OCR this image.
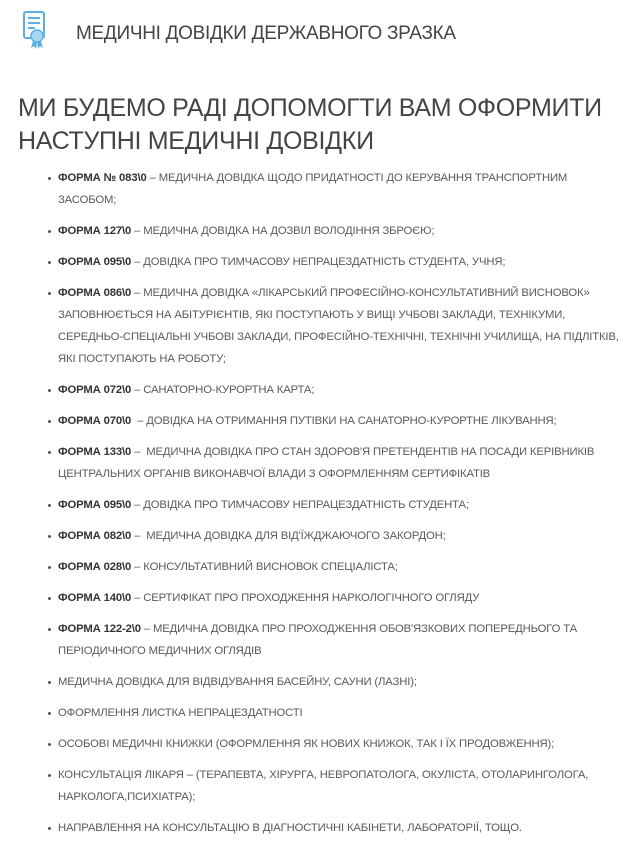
МЕДИЧНІ ДОВІДКИ ДЕРЖАВНОГО ЗРАЗКА
МИ БУДЕМО РАДІ ДОПОМОГТИ ВАМ ОФОРМИТИ НАСТУПНІ МЕДИЧНІ ДОВІДКИ
ФОРМА № 083\0 – МЕДИЧНА ДОВІДКА ЩОДО ПРИДАТНОСТІ ДО КЕРУВАННЯ ТРАНСПОРТНИМ ЗАСОБОМ;
ФОРМА 127\0 – МЕДИЧНА ДОВІДКА НА ДОЗВІЛ ВОЛОДІННЯ ЗБРОЄЮ;
ФОРМА 095\0 – ДОВІДКА ПРО ТИМЧАСОВУ НЕПРАЦЕЗДАТНІСТЬ СТУДЕНТА, УЧНЯ;
ФОРМА 086\0 – МЕДИЧНА ДОВІДКА «ЛІКАРСЬКИЙ ПРОФЕСІЙНО-КОНСУЛЬТАТИВНИЙ ВИСНОВОК» ЗАПОВНЮЄТЬСЯ НА АБІТУРІЄНТІВ, ЯКІ ПОСТУПАЮТЬ У ВИЩІ УЧБОВІ ЗАКЛАДИ, ТЕХНІКУМИ, СЕРЕДНЬО-СПЕЦІАЛЬНІ УЧБОВІ ЗАКЛАДИ, ПРОФЕСІЙНО-ТЕХНІЧНІ, ТЕХНІЧНІ УЧИЛИЩА, НА ПІДЛІТКІВ, ЯКІ ПОСТУПАЮТЬ НА РОБОТУ;
ФОРМА 072\0 – САНАТОРНО-КУРОРТНА КАРТА;
ФОРМА 070\0  – ДОВІДКА НА ОТРИМАННЯ ПУТІВКИ НА САНАТОРНО-КУРОРТНЕ ЛІКУВАННЯ;
ФОРМА 133\0 –  МЕДИЧНА ДОВІДКА ПРО СТАН ЗДОРОВ'Я ПРЕТЕНДЕНТІВ НА ПОСАДИ КЕРІВНИКІВ ЦЕНТРАЛЬНИХ ОРГАНІВ ВИКОНАВЧОЇ ВЛАДИ З ОФОРМЛЕННЯМ СЕРТИФІКАТІВ
ФОРМА 095\0 – ДОВІДКА ПРО ТИМЧАСОВУ НЕПРАЦЕЗДАТНІСТЬ СТУДЕНТА;
ФОРМА 082\0 –  МЕДИЧНА ДОВІДКА ДЛЯ ВІД'ЇЖДЖАЮЧОГО ЗАКОРДОН;
ФОРМА 028\0 – КОНСУЛЬТАТИВНИЙ ВИСНОВОК СПЕЦІАЛІСТА;
ФОРМА 140\0 – СЕРТИФІКАТ ПРО ПРОХОДЖЕННЯ НАРКОЛОГІЧНОГО ОГЛЯДУ
ФОРМА 122-2\0 – МЕДИЧНА ДОВІДКА ПРО ПРОХОДЖЕННЯ ОБОВ'ЯЗКОВИХ ПОПЕРЕДНЬОГО ТА ПЕРІОДИЧНОГО МЕДИЧНИХ ОГЛЯДІВ
МЕДИЧНА ДОВІДКА ДЛЯ ВІДВІДУВАННЯ БАСЕЙНУ, САУНИ (ЛАЗНІ);
ОФОРМЛЕННЯ ЛИСТКА НЕПРАЦЕЗДАТНОСТІ
ОСОБОВІ МЕДИЧНІ КНИЖКИ (ОФОРМЛЕННЯ ЯК НОВИХ КНИЖОК, ТАК І ЇХ ПРОДОВЖЕННЯ);
КОНСУЛЬТАЦІЯ ЛІКАРЯ – (ТЕРАПЕВТА, ХІРУРГА, НЕВРОПАТОЛОГА, ОКУЛІСТА, ОТОЛАРИНГОЛОГА, НАРКОЛОГА,ПСИХІАТРА);
НАПРАВЛЕННЯ НА КОНСУЛЬТАЦІЮ В ДІАГНОСТИЧНІ КАБІНЕТИ, ЛАБОРАТОРІЇ, ТОЩО.
